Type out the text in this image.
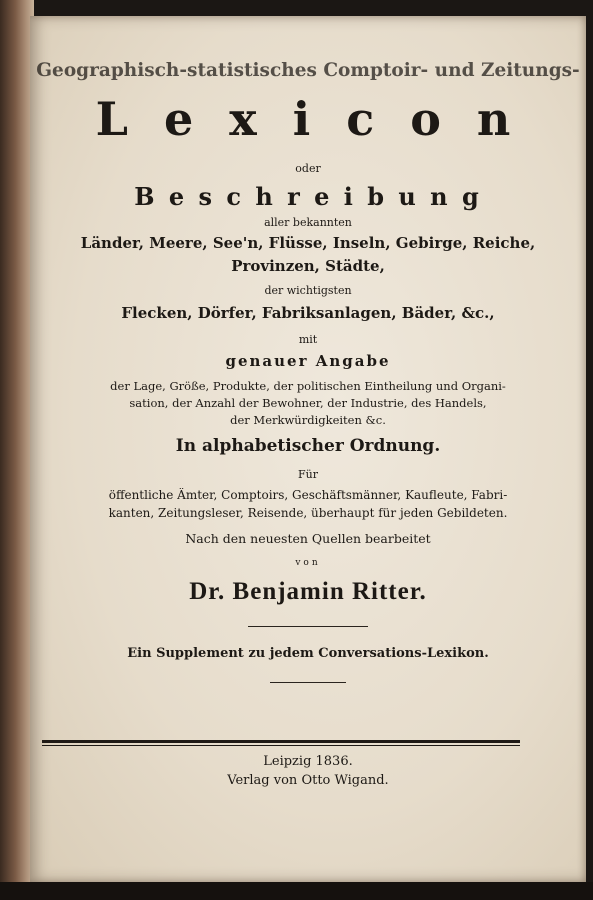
Geographisch-statistisches Comptoir- und Zeitungs-
L e x i c o n
oder
B e s c h r e i b u n g
aller bekannten
Länder, Meere, See'n, Flüsse, Inseln, Gebirge, Reiche,
Provinzen, Städte,
der wichtigsten
Flecken, Dörfer, Fabriksanlagen, Bäder, &c.,
mit
genauer Angabe
der Lage, Größe, Produkte, der politischen Eintheilung und Organi-
sation, der Anzahl der Bewohner, der Industrie, des Handels,
der Merkwürdigkeiten &c.
In alphabetischer Ordnung.
Für
öffentliche Ämter, Comptoirs, Geschäftsmänner, Kaufleute, Fabri-
kanten, Zeitungsleser, Reisende, überhaupt für jeden Gebildeten.
Nach den neuesten Quellen bearbeitet
von
Dr. Benjamin Ritter.
Ein Supplement zu jedem Conversations-Lexikon.
Leipzig 1836.
Verlag von Otto Wigand.
